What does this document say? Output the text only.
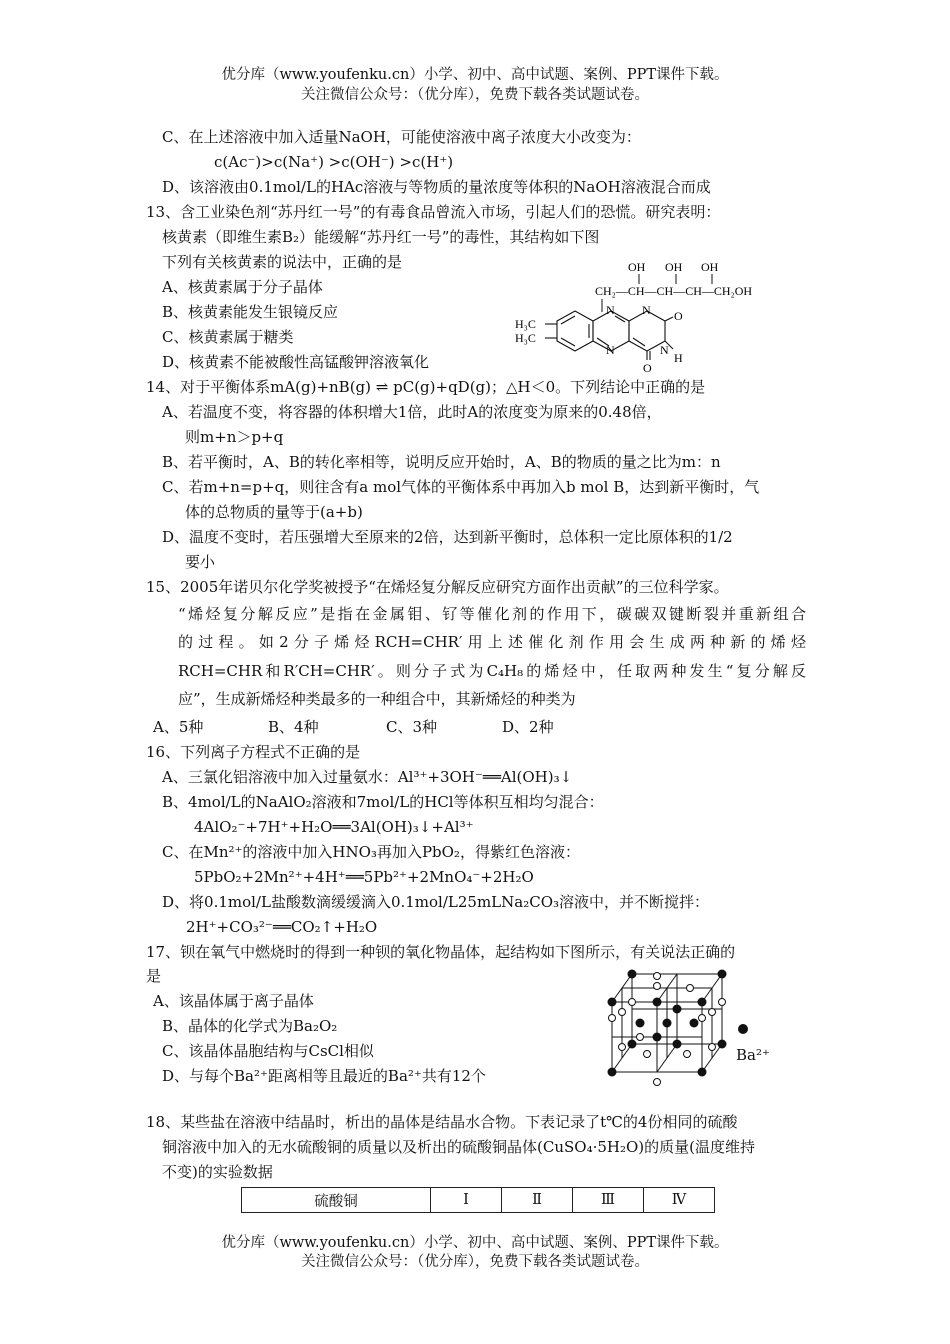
优分库（www.youfenku.cn）小学、初中、高中试题、案例、PPT课件下载。
关注微信公众号：（优分库），免费下载各类试题试卷。
C、在上述溶液中加入适量NaOH，可能使溶液中离子浓度大小改变为：
c(Ac⁻)>c(Na⁺) >c(OH⁻) >c(H⁺)
D、该溶液由0.1mol/L的HAc溶液与等物质的量浓度等体积的NaOH溶液混合而成
13、含工业染色剂“苏丹红一号”的有毒食品曾流入市场，引起人们的恐慌。研究表明：
核黄素（即维生素B₂）能缓解“苏丹红一号”的毒性，其结构如下图
下列有关核黄素的说法中，正确的是
A、核黄素属于分子晶体
B、核黄素能发生银镜反应
C、核黄素属于糖类
D、核黄素不能被酸性高锰酸钾溶液氧化
OH OH OH
CH₂—CH—CH—CH—CH₂OH
H₃C
H₃C
N
N
N
N
O
O
H
14、对于平衡体系mA(g)+nB(g) ⇌ pC(g)+qD(g)；△H＜0。下列结论中正确的是
A、若温度不变，将容器的体积增大1倍，此时A的浓度变为原来的0.48倍，
则m+n＞p+q
B、若平衡时，A、B的转化率相等，说明反应开始时，A、B的物质的量之比为m：n
C、若m+n=p+q，则往含有a mol气体的平衡体系中再加入b mol B，达到新平衡时，气
体的总物质的量等于(a+b)
D、温度不变时，若压强增大至原来的2倍，达到新平衡时，总体积一定比原体积的1/2
要小
15、2005年诺贝尔化学奖被授予“在烯烃复分解反应研究方面作出贡献”的三位科学家。
“烯烃复分解反应”是指在金属钼、钌等催化剂的作用下，碳碳双键断裂并重新组合
的过程。如2分子烯烃RCH=CHR′用上述催化剂作用会生成两种新的烯烃
RCH=CHR和R′CH=CHR′。则分子式为C₄H₈的烯烃中，任取两种发生“复分解反
应”，生成新烯烃种类最多的一种组合中，其新烯烃的种类为
A、5种	B、4种	C、3种	D、2种
16、下列离子方程式不正确的是
A、三氯化铝溶液中加入过量氨水：Al³⁺+3OH⁻══Al(OH)₃↓
B、4mol/L的NaAlO₂溶液和7mol/L的HCl等体积互相均匀混合：
4AlO₂⁻+7H⁺+H₂O══3Al(OH)₃↓+Al³⁺
C、在Mn²⁺的溶液中加入HNO₃再加入PbO₂，得紫红色溶液：
5PbO₂+2Mn²⁺+4H⁺══5Pb²⁺+2MnO₄⁻+2H₂O
D、将0.1mol/L盐酸数滴缓缓滴入0.1mol/L25mLNa₂CO₃溶液中，并不断搅拌：
2H⁺+CO₃²⁻══CO₂↑+H₂O
17、钡在氧气中燃烧时的得到一种钡的氧化物晶体，起结构如下图所示，有关说法正确的
是
A、该晶体属于离子晶体
B、晶体的化学式为Ba₂O₂
C、该晶体晶胞结构与CsCl相似
D、与每个Ba²⁺距离相等且最近的Ba²⁺共有12个
Ba²⁺
18、某些盐在溶液中结晶时，析出的晶体是结晶水合物。下表记录了t℃的4份相同的硫酸
铜溶液中加入的无水硫酸铜的质量以及析出的硫酸铜晶体(CuSO₄·5H₂O)的质量(温度维持
不变)的实验数据
硫酸铜	Ⅰ	Ⅱ	Ⅲ	Ⅳ
优分库（www.youfenku.cn）小学、初中、高中试题、案例、PPT课件下载。
关注微信公众号：（优分库），免费下载各类试题试卷。
